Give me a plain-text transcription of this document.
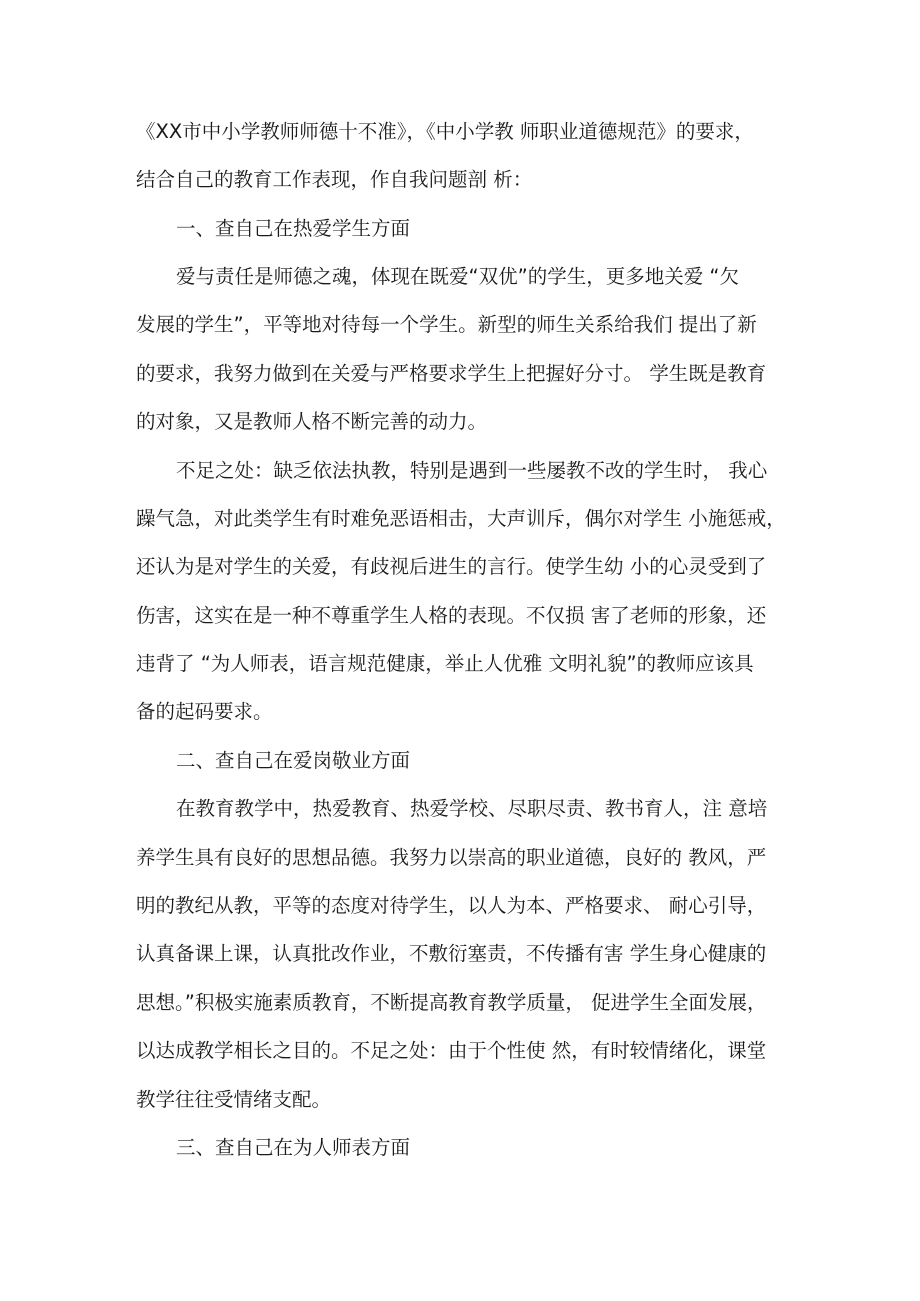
《XX市中小学教师师德十不准》，《中小学教 师职业道德规范》的要求，
结合自己的教育工作表现，作自我问题剖 析：
一、查自己在热爱学生方面
爱与责任是师德之魂，体现在既爱“双优”的学生，更多地关爱 “欠
发展的学生”，平等地对待每一个学生。新型的师生关系给我们 提出了新
的要求，我努力做到在关爱与严格要求学生上把握好分寸。 学生既是教育
的对象，又是教师人格不断完善的动力。
不足之处：缺乏依法执教，特别是遇到一些屡教不改的学生时， 我心
躁气急，对此类学生有时难免恶语相击，大声训斥，偶尔对学生 小施惩戒，
还认为是对学生的关爱，有歧视后进生的言行。使学生幼 小的心灵受到了
伤害，这实在是一种不尊重学生人格的表现。不仅损 害了老师的形象，还
违背了 “为人师表，语言规范健康，举止人优雅 文明礼貌”的教师应该具
备的起码要求。
二、查自己在爱岗敬业方面
在教育教学中，热爱教育、热爱学校、尽职尽责、教书育人，注 意培
养学生具有良好的思想品德。我努力以崇高的职业道德，良好的 教风，严
明的教纪从教，平等的态度对待学生，以人为本、严格要求、 耐心引导，
认真备课上课，认真批改作业，不敷衍塞责，不传播有害 学生身心健康的
思想。”积极实施素质教育，不断提高教育教学质量， 促进学生全面发展，
以达成教学相长之目的。不足之处：由于个性使 然，有时较情绪化，课堂
教学往往受情绪支配。
三、查自己在为人师表方面
